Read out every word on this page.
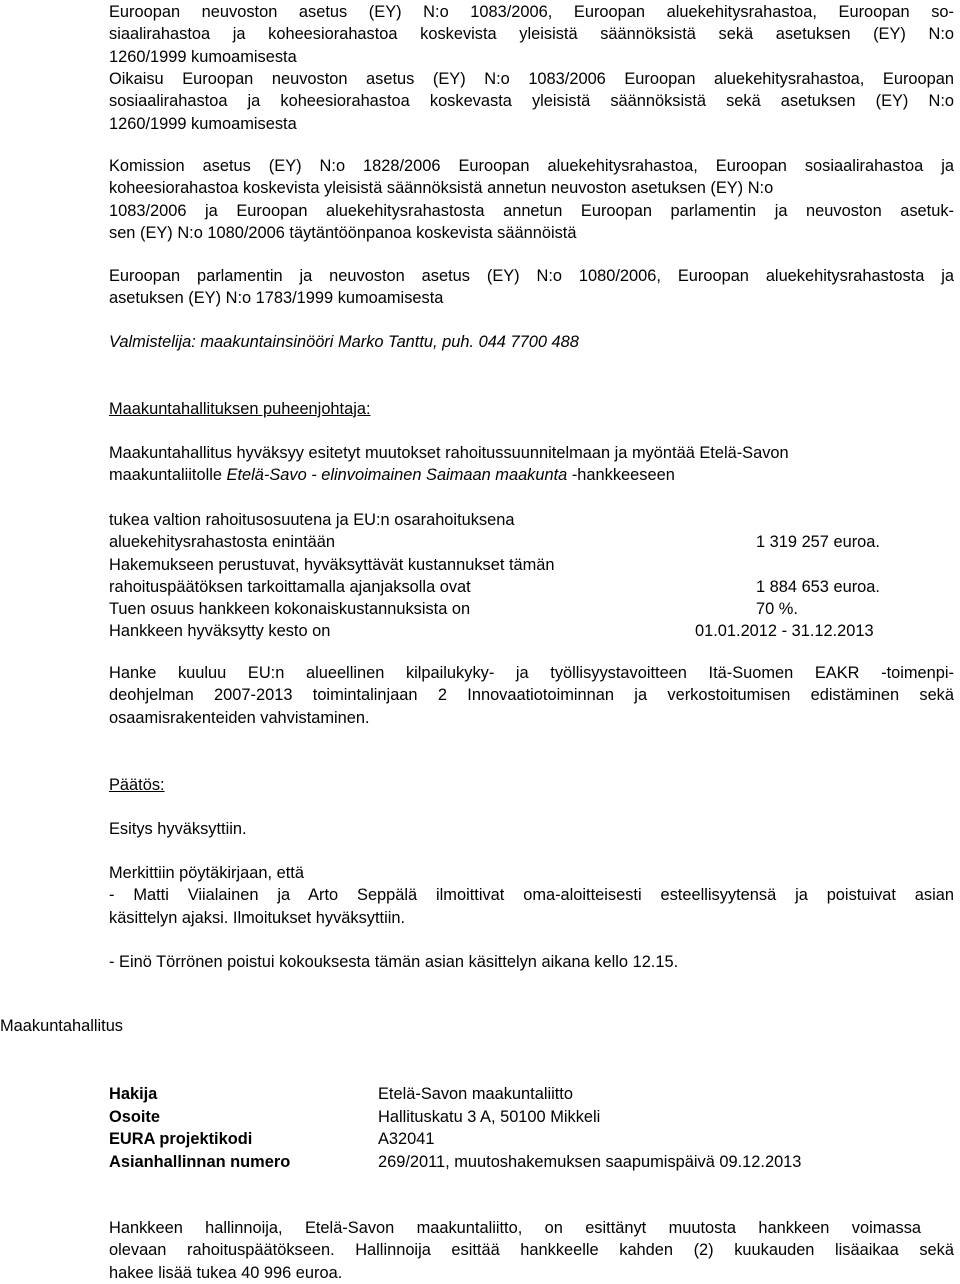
Euroopan neuvoston asetus (EY) N:o 1083/2006, Euroopan aluekehitysrahastoa, Euroopan so-
siaalirahastoa ja koheesiorahastoa koskevista yleisistä säännöksistä sekä asetuksen (EY) N:o
1260/1999 kumoamisesta
Oikaisu Euroopan neuvoston asetus (EY) N:o 1083/2006 Euroopan aluekehitysrahastoa, Euroopan
sosiaalirahastoa ja koheesiorahastoa koskevasta yleisistä säännöksistä sekä asetuksen (EY) N:o
1260/1999 kumoamisesta
Komission asetus (EY) N:o 1828/2006 Euroopan aluekehitysrahastoa, Euroopan sosiaalirahastoa ja
koheesiorahastoa koskevista yleisistä säännöksistä annetun neuvoston asetuksen (EY) N:o
1083/2006 ja Euroopan aluekehitysrahastosta annetun Euroopan parlamentin ja neuvoston asetuk-
sen (EY) N:o 1080/2006 täytäntöönpanoa koskevista säännöistä
Euroopan parlamentin ja neuvoston asetus (EY) N:o 1080/2006, Euroopan aluekehitysrahastosta ja
asetuksen (EY) N:o 1783/1999 kumoamisesta
Valmistelija: maakuntainsinööri Marko Tanttu, puh. 044 7700 488
Maakuntahallituksen puheenjohtaja:
Maakuntahallitus hyväksyy esitetyt muutokset rahoitussuunnitelmaan ja myöntää Etelä-Savon
maakuntaliitolle Etelä-Savo - elinvoimainen Saimaan maakunta -hankkeeseen
tukea valtion rahoitusosuutena ja EU:n osarahoituksena
aluekehitysrahastosta enintään	1 319 257 euroa.
Hakemukseen perustuvat, hyväksyttävät kustannukset tämän
rahoituspäätöksen tarkoittamalla ajanjaksolla ovat	1 884 653 euroa.
Tuen osuus hankkeen kokonaiskustannuksista on	70 %.
Hankkeen hyväksytty kesto on	01.01.2012 - 31.12.2013
Hanke kuuluu EU:n alueellinen kilpailukyky- ja työllisyystavoitteen Itä-Suomen EAKR -toimenpi-
deohjelman 2007-2013 toimintalinjaan 2 Innovaatiotoiminnan ja verkostoitumisen edistäminen sekä
osaamisrakenteiden vahvistaminen.
Päätös:
Esitys hyväksyttiin.
Merkittiin pöytäkirjaan, että
- Matti Viialainen ja Arto Seppälä ilmoittivat oma-aloitteisesti esteellisyytensä ja poistuivat asian
käsittelyn ajaksi. Ilmoitukset hyväksyttiin.
- Einö Törrönen poistui kokouksesta tämän asian käsittelyn aikana kello 12.15.
Hakija	Etelä-Savon maakuntaliitto
Osoite	Hallituskatu 3 A, 50100 Mikkeli
EURA projektikodi	A32041
Asianhallinnan numero	269/2011, muutoshakemuksen saapumispäivä 09.12.2013
Hankkeen hallinnoija, Etelä-Savon maakuntaliitto, on esittänyt muutosta hankkeen voimassa
olevaan rahoituspäätökseen. Hallinnoija esittää hankkeelle kahden (2) kuukauden lisäaikaa sekä
hakee lisää tukea 40 996 euroa.
Maakuntahallitus
